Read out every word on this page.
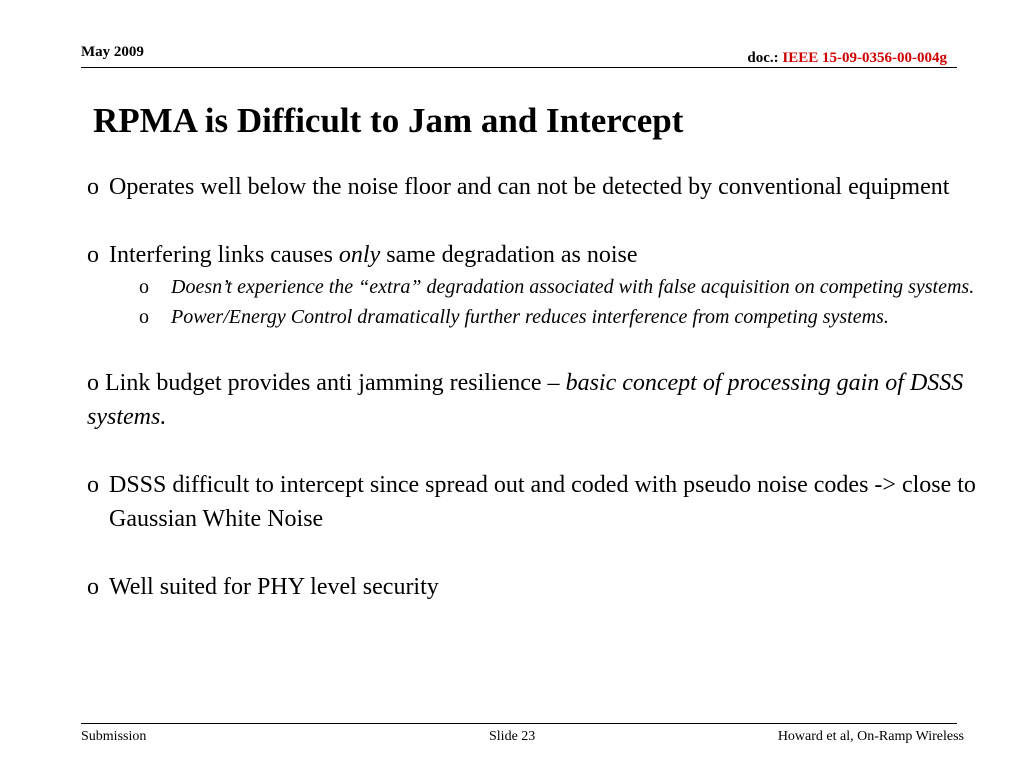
May 2009	doc.: IEEE 15-09-0356-00-004g
RPMA is Difficult to Jam and Intercept
o Operates well below the noise floor and can not be detected by conventional equipment
o Interfering links causes only same degradation as noise
o Doesn’t experience the “extra” degradation associated with false acquisition on competing systems.
o Power/Energy Control dramatically further reduces interference from competing systems.
o Link budget provides anti jamming resilience – basic concept of processing gain of DSSS systems.
o DSSS difficult to intercept since spread out and coded with pseudo noise codes -> close to Gaussian White Noise
o Well suited for PHY level security
Submission	Slide 23	Howard et al, On-Ramp Wireless
